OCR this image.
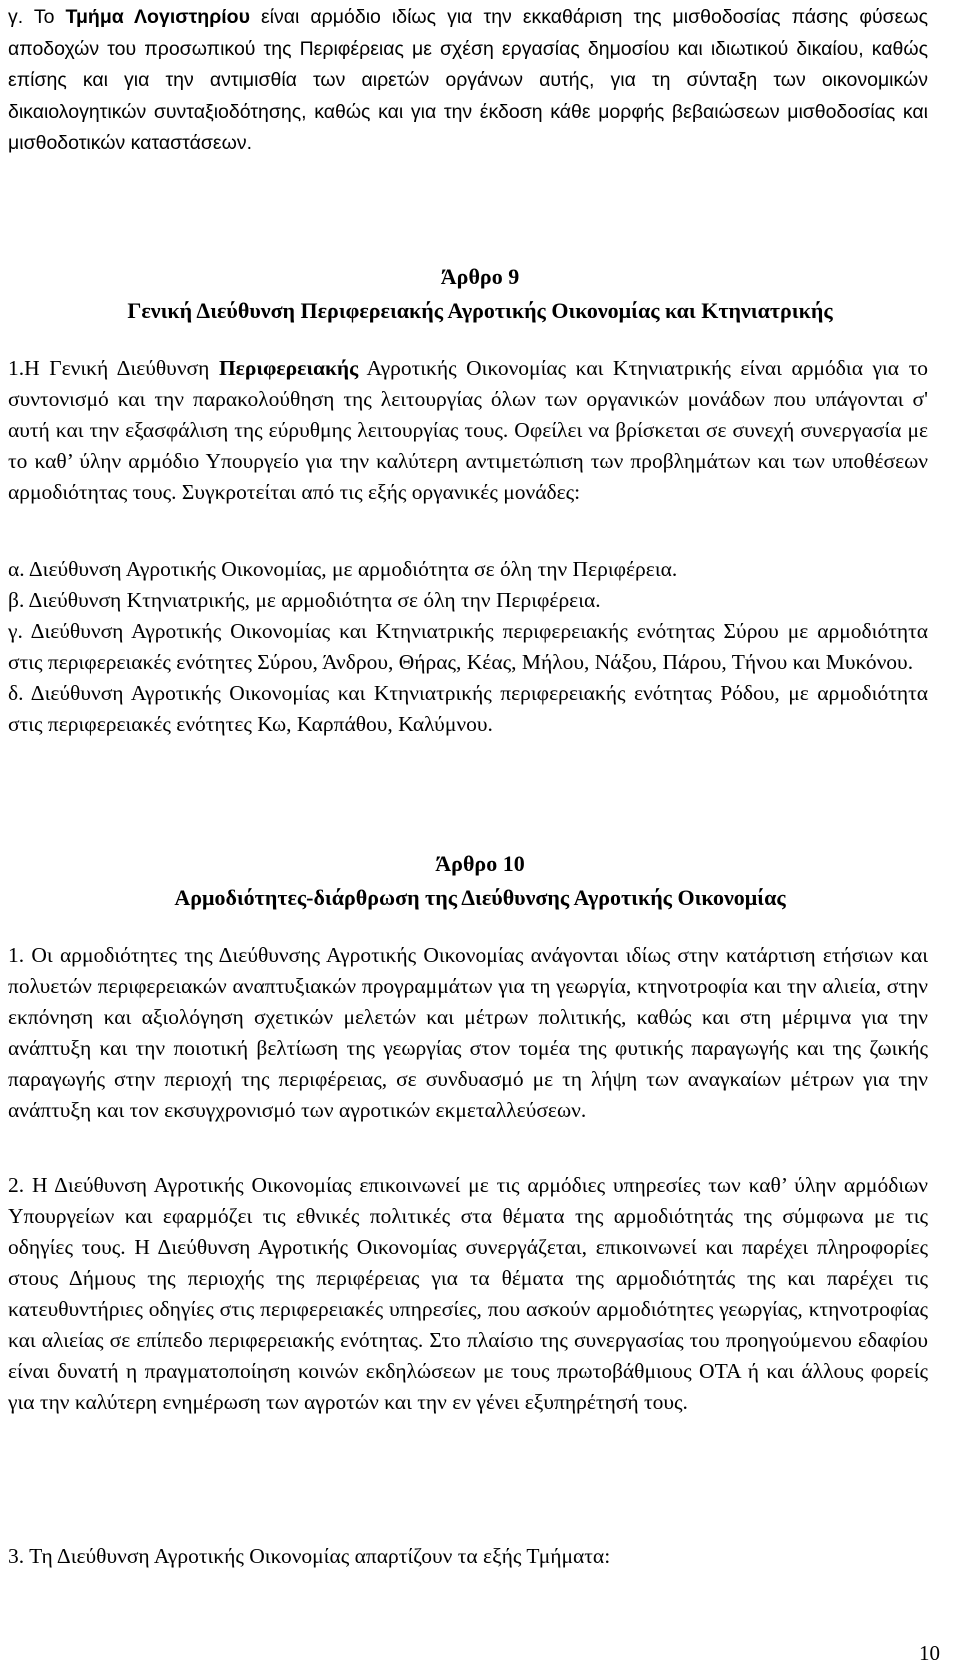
γ. Το Τμήμα Λογιστηρίου είναι αρμόδιο ιδίως για την εκκαθάριση της μισθοδοσίας πάσης φύσεως αποδοχών του προσωπικού της Περιφέρειας με σχέση εργασίας δημοσίου και ιδιωτικού δικαίου, καθώς επίσης και για την αντιμισθία των αιρετών οργάνων αυτής, για τη σύνταξη των οικονομικών δικαιολογητικών συνταξιοδότησης, καθώς και για την έκδοση κάθε μορφής βεβαιώσεων μισθοδοσίας και μισθοδοτικών καταστάσεων.

Άρθρο 9
Γενική Διεύθυνση Περιφερειακής Αγροτικής Οικονομίας και Κτηνιατρικής

1.Η Γενική Διεύθυνση Περιφερειακής Αγροτικής Οικονομίας και Κτηνιατρικής είναι αρμόδια για το συντονισμό και την παρακολούθηση της λειτουργίας όλων των οργανικών μονάδων που υπάγονται σ' αυτή και την εξασφάλιση της εύρυθμης λειτουργίας τους. Οφείλει να βρίσκεται σε συνεχή συνεργασία με το καθ’ ύλην αρμόδιο Υπουργείο για την καλύτερη αντιμετώπιση των προβλημάτων και των υποθέσεων αρμοδιότητας τους. Συγκροτείται από τις εξής οργανικές μονάδες:

α. Διεύθυνση Αγροτικής Οικονομίας, με αρμοδιότητα σε όλη την Περιφέρεια.

β. Διεύθυνση Κτηνιατρικής, με αρμοδιότητα σε όλη την Περιφέρεια.

γ. Διεύθυνση Αγροτικής Οικονομίας και Κτηνιατρικής περιφερειακής ενότητας Σύρου με αρμοδιότητα στις περιφερειακές ενότητες Σύρου, Άνδρου, Θήρας, Κέας, Μήλου, Νάξου, Πάρου, Τήνου και Μυκόνου.

δ. Διεύθυνση Αγροτικής Οικονομίας και Κτηνιατρικής περιφερειακής ενότητας Ρόδου, με αρμοδιότητα στις περιφερειακές ενότητες Κω, Καρπάθου, Καλύμνου.

Άρθρο 10
Αρμοδιότητες-διάρθρωση της Διεύθυνσης Αγροτικής Οικονομίας

1. Οι αρμοδιότητες της Διεύθυνσης Αγροτικής Οικονομίας ανάγονται ιδίως στην κατάρτιση ετήσιων και πολυετών περιφερειακών αναπτυξιακών προγραμμάτων για τη γεωργία, κτηνοτροφία και την αλιεία, στην εκπόνηση και αξιολόγηση σχετικών μελετών και μέτρων πολιτικής, καθώς και στη μέριμνα για την ανάπτυξη και την ποιοτική βελτίωση της γεωργίας στον τομέα της φυτικής παραγωγής και της ζωικής παραγωγής στην περιοχή της περιφέρειας, σε συνδυασμό με τη λήψη των αναγκαίων μέτρων για την ανάπτυξη και τον εκσυγχρονισμό των αγροτικών εκμεταλλεύσεων.

2. Η Διεύθυνση Αγροτικής Οικονομίας επικοινωνεί με τις αρμόδιες υπηρεσίες των καθ’ ύλην αρμόδιων Υπουργείων και εφαρμόζει τις εθνικές πολιτικές στα θέματα της αρμοδιότητάς της σύμφωνα με τις οδηγίες τους. Η Διεύθυνση Αγροτικής Οικονομίας συνεργάζεται, επικοινωνεί και παρέχει πληροφορίες στους Δήμους της περιοχής της περιφέρειας για τα θέματα της αρμοδιότητάς της και παρέχει τις κατευθυντήριες οδηγίες στις περιφερειακές υπηρεσίες, που ασκούν αρμοδιότητες γεωργίας, κτηνοτροφίας και αλιείας σε επίπεδο περιφερειακής ενότητας. Στο πλαίσιο της συνεργασίας του προηγούμενου εδαφίου είναι δυνατή η πραγματοποίηση κοινών εκδηλώσεων με τους πρωτοβάθμιους ΟΤΑ ή και άλλους φορείς για την καλύτερη ενημέρωση των αγροτών και την εν γένει εξυπηρέτησή τους.

3. Τη Διεύθυνση Αγροτικής Οικονομίας απαρτίζουν τα εξής Τμήματα:

10
